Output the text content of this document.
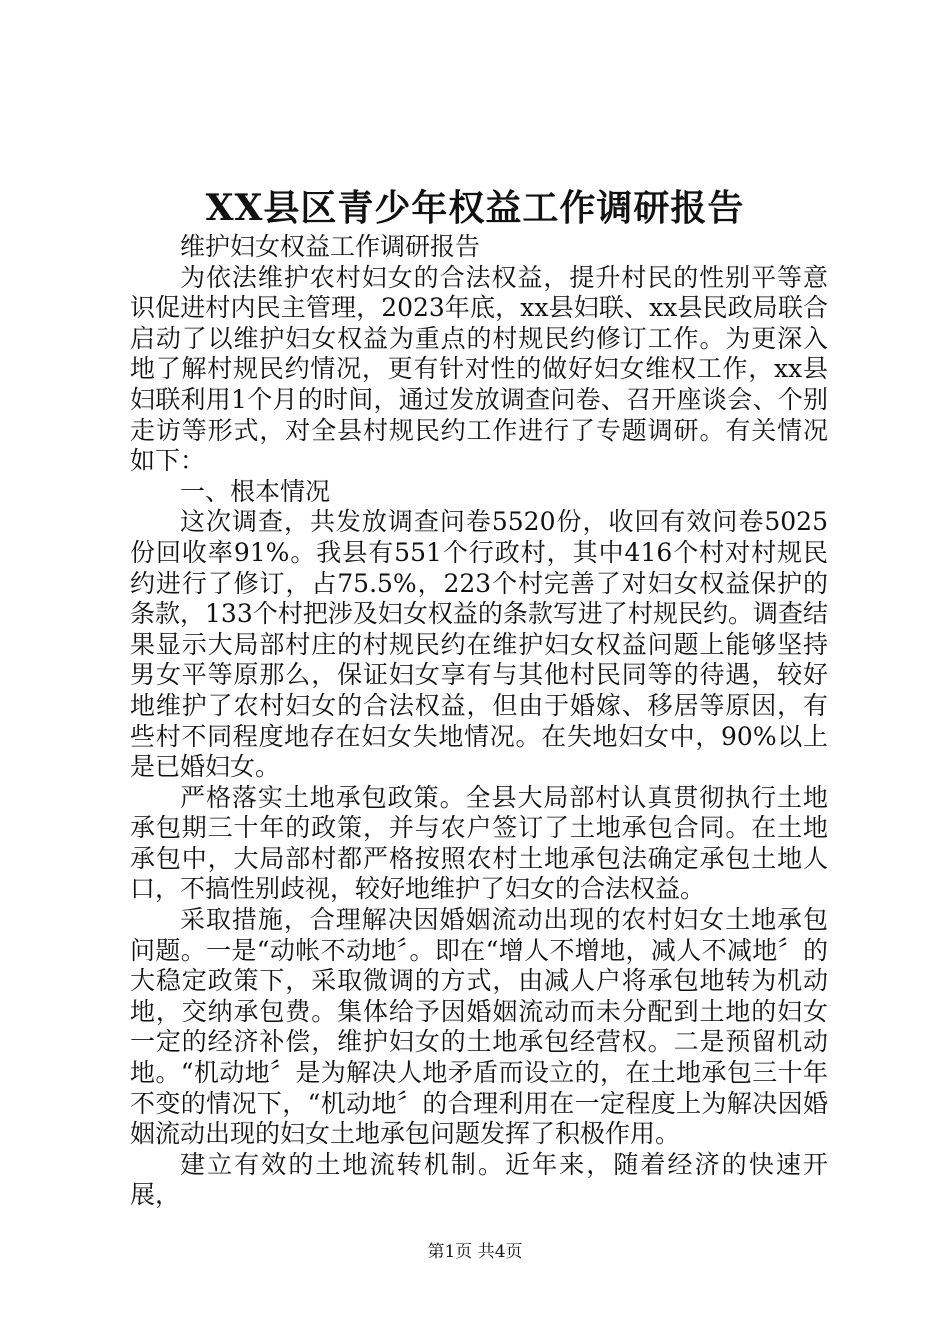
XX县区青少年权益工作调研报告

维护妇女权益工作调研报告

为依法维护农村妇女的合法权益，提升村民的性别平等意识促进村内民主管理，2023年底，xx县妇联、xx县民政局联合启动了以维护妇女权益为重点的村规民约修订工作。为更深入地了解村规民约情况，更有针对性的做好妇女维权工作，xx县妇联利用1个月的时间，通过发放调查问卷、召开座谈会、个别走访等形式，对全县村规民约工作进行了专题调研。有关情况如下：

一、根本情况

这次调查，共发放调查问卷5520份，收回有效问卷5025份回收率91%。我县有551个行政村，其中416个村对村规民约进行了修订，占75.5%，223个村完善了对妇女权益保护的条款，133个村把涉及妇女权益的条款写进了村规民约。调查结果显示大局部村庄的村规民约在维护妇女权益问题上能够坚持男女平等原那么，保证妇女享有与其他村民同等的待遇，较好地维护了农村妇女的合法权益，但由于婚嫁、移居等原因，有些村不同程度地存在妇女失地情况。在失地妇女中，90%以上是已婚妇女。

严格落实土地承包政策。全县大局部村认真贯彻执行土地承包期三十年的政策，并与农户签订了土地承包合同。在土地承包中，大局部村都严格按照农村土地承包法确定承包土地人口，不搞性别歧视，较好地维护了妇女的合法权益。

采取措施，合理解决因婚姻流动出现的农村妇女土地承包问题。一是“动帐不动地〞。即在“增人不增地，减人不减地〞的大稳定政策下，采取微调的方式，由减人户将承包地转为机动地，交纳承包费。集体给予因婚姻流动而未分配到土地的妇女一定的经济补偿，维护妇女的土地承包经营权。二是预留机动地。“机动地〞是为解决人地矛盾而设立的，在土地承包三十年不变的情况下，“机动地〞的合理利用在一定程度上为解决因婚姻流动出现的妇女土地承包问题发挥了积极作用。

建立有效的土地流转机制。近年来，随着经济的快速开展，

第1页 共4页
